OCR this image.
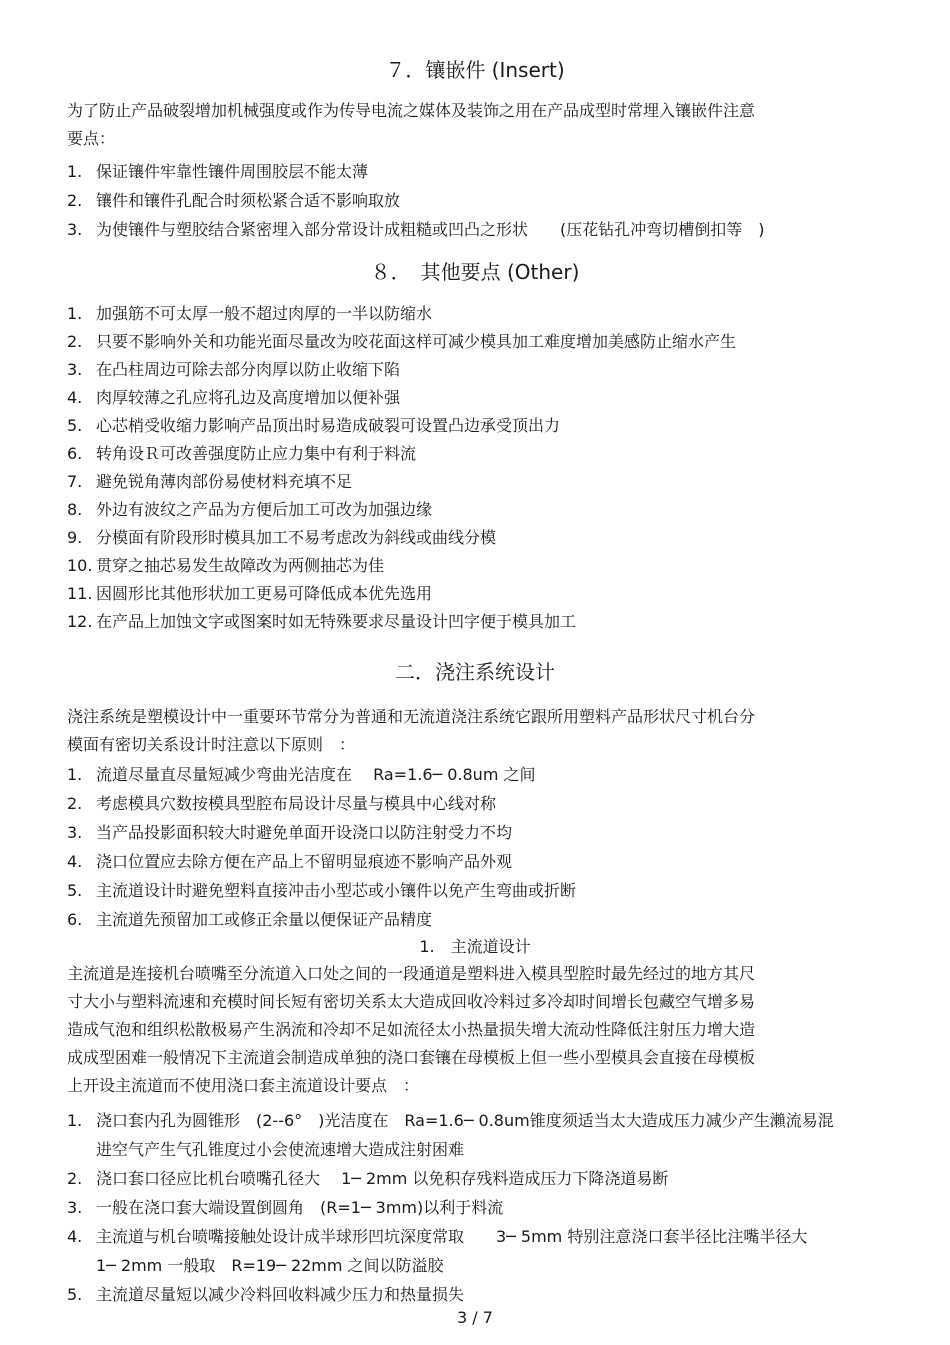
７．镶嵌件 (Insert)
为了防止产品破裂增加机械强度或作为传导电流之媒体及装饰之用在产品成型时常埋入镶嵌件注意
要点：
1. 保证镶件牢靠性镶件周围胶层不能太薄
2. 镶件和镶件孔配合时须松紧合适不影响取放
3. 为使镶件与塑胶结合紧密埋入部分常设计成粗糙或凹凸之形状　　(压花钻孔冲弯切槽倒扣等　)
８．　其他要点 (Other)
1. 加强筋不可太厚一般不超过肉厚的一半以防缩水
2. 只要不影响外关和功能光面尽量改为咬花面这样可减少模具加工难度增加美感防止缩水产生
3. 在凸柱周边可除去部分肉厚以防止收缩下陷
4. 肉厚较薄之孔应将孔边及高度增加以便补强
5. 心芯梢受收缩力影响产品顶出时易造成破裂可设置凸边承受顶出力
6. 转角设Ｒ可改善强度防止应力集中有利于料流
7. 避免锐角薄肉部份易使材料充填不足
8. 外边有波纹之产品为方便后加工可改为加强边缘
9. 分模面有阶段形时模具加工不易考虑改为斜线或曲线分模
10. 贯穿之抽芯易发生故障改为两侧抽芯为佳
11. 因圆形比其他形状加工更易可降低成本优先选用
12. 在产品上加蚀文字或图案时如无特殊要求尽量设计凹字便于模具加工
二．浇注系统设计
浇注系统是塑模设计中一重要环节常分为普通和无流道浇注系统它跟所用塑料产品形状尺寸机台分
模面有密切关系设计时注意以下原则　：
1. 流道尽量直尽量短减少弯曲光洁度在　 Ra=1.6─ 0.8um 之间
2. 考虑模具穴数按模具型腔布局设计尽量与模具中心线对称
3. 当产品投影面积较大时避免单面开设浇口以防注射受力不均
4. 浇口位置应去除方便在产品上不留明显痕迹不影响产品外观
5. 主流道设计时避免塑料直接冲击小型芯或小镶件以免产生弯曲或折断
6. 主流道先预留加工或修正余量以便保证产品精度
1.　主流道设计
主流道是连接机台喷嘴至分流道入口处之间的一段通道是塑料进入模具型腔时最先经过的地方其尺
寸大小与塑料流速和充模时间长短有密切关系太大造成回收冷料过多冷却时间增长包藏空气增多易
造成气泡和组织松散极易产生涡流和冷却不足如流径太小热量损失增大流动性降低注射压力增大造
成成型困难一般情况下主流道会制造成单独的浇口套镶在母模板上但一些小型模具会直接在母模板
上开设主流道而不使用浇口套主流道设计要点　：
1. 浇口套内孔为圆锥形　(2--6°　)光洁度在　Ra=1.6─ 0.8um锥度须适当太大造成压力减少产生瀨流易混
进空气产生气孔锥度过小会使流速增大造成注射困难
2. 浇口套口径应比机台喷嘴孔径大　 1─ 2mm 以免积存残料造成压力下降浇道易断
3. 一般在浇口套大端设置倒圆角　(R=1─ 3mm)以利于料流
4. 主流道与机台喷嘴接触处设计成半球形凹坑深度常取　　3─ 5mm 特别注意浇口套半径比注嘴半径大
1─ 2mm 一般取　R=19─ 22mm 之间以防溢胶
5. 主流道尽量短以减少冷料回收料减少压力和热量损失
3 / 7
